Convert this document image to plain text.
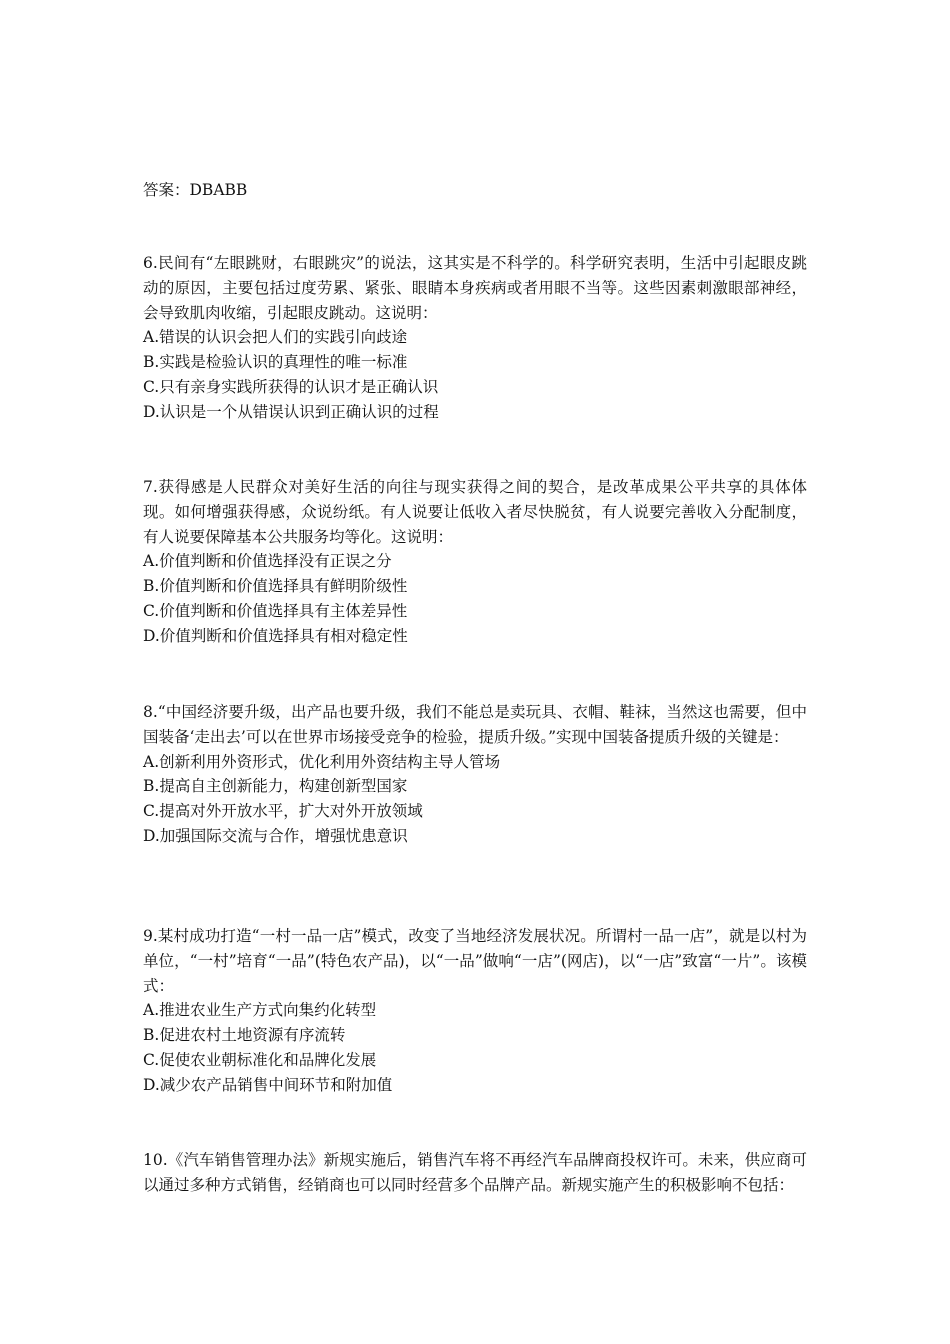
答案：DBABB
6.民间有“左眼跳财，右眼跳灾”的说法，这其实是不科学的。科学研究表明，生活中引起眼皮跳动的原因，主要包括过度劳累、紧张、眼睛本身疾病或者用眼不当等。这些因素刺激眼部神经，会导致肌肉收缩，引起眼皮跳动。这说明：
A.错误的认识会把人们的实践引向歧途
B.实践是检验认识的真理性的唯一标准
C.只有亲身实践所获得的认识才是正确认识
D.认识是一个从错误认识到正确认识的过程
7.获得感是人民群众对美好生活的向往与现实获得之间的契合，是改革成果公平共享的具体体现。如何增强获得感，众说纷纸。有人说要让低收入者尽快脱贫，有人说要完善收入分配制度，有人说要保障基本公共服务均等化。这说明：
A.价值判断和价值选择没有正误之分
B.价值判断和价值选择具有鲜明阶级性
C.价值判断和价值选择具有主体差异性
D.价值判断和价值选择具有相对稳定性
8.“中国经济要升级，出产品也要升级，我们不能总是卖玩具、衣帽、鞋袜，当然这也需要，但中国装备‘走出去’可以在世界市场接受竞争的检验，提质升级。”实现中国装备提质升级的关键是：
A.创新利用外资形式，优化利用外资结构主导人管场
B.提高自主创新能力，构建创新型国家
C.提高对外开放水平，扩大对外开放领域
D.加强国际交流与合作，增强忧患意识
9.某村成功打造“一村一品一店”模式，改变了当地经济发展状况。所谓村一品一店”，就是以村为单位，“一村”培育“一品”(特色农产品)，以“一品”做响“一店”(网店)，以“一店”致富“一片”。该模式：
A.推进农业生产方式向集约化转型
B.促进农村土地资源有序流转
C.促使农业朝标准化和品牌化发展
D.减少农产品销售中间环节和附加值
10.《汽车销售管理办法》新规实施后，销售汽车将不再经汽车品牌商投权许可。未来，供应商可以通过多种方式销售，经销商也可以同时经营多个品牌产品。新规实施产生的积极影响不包括：
